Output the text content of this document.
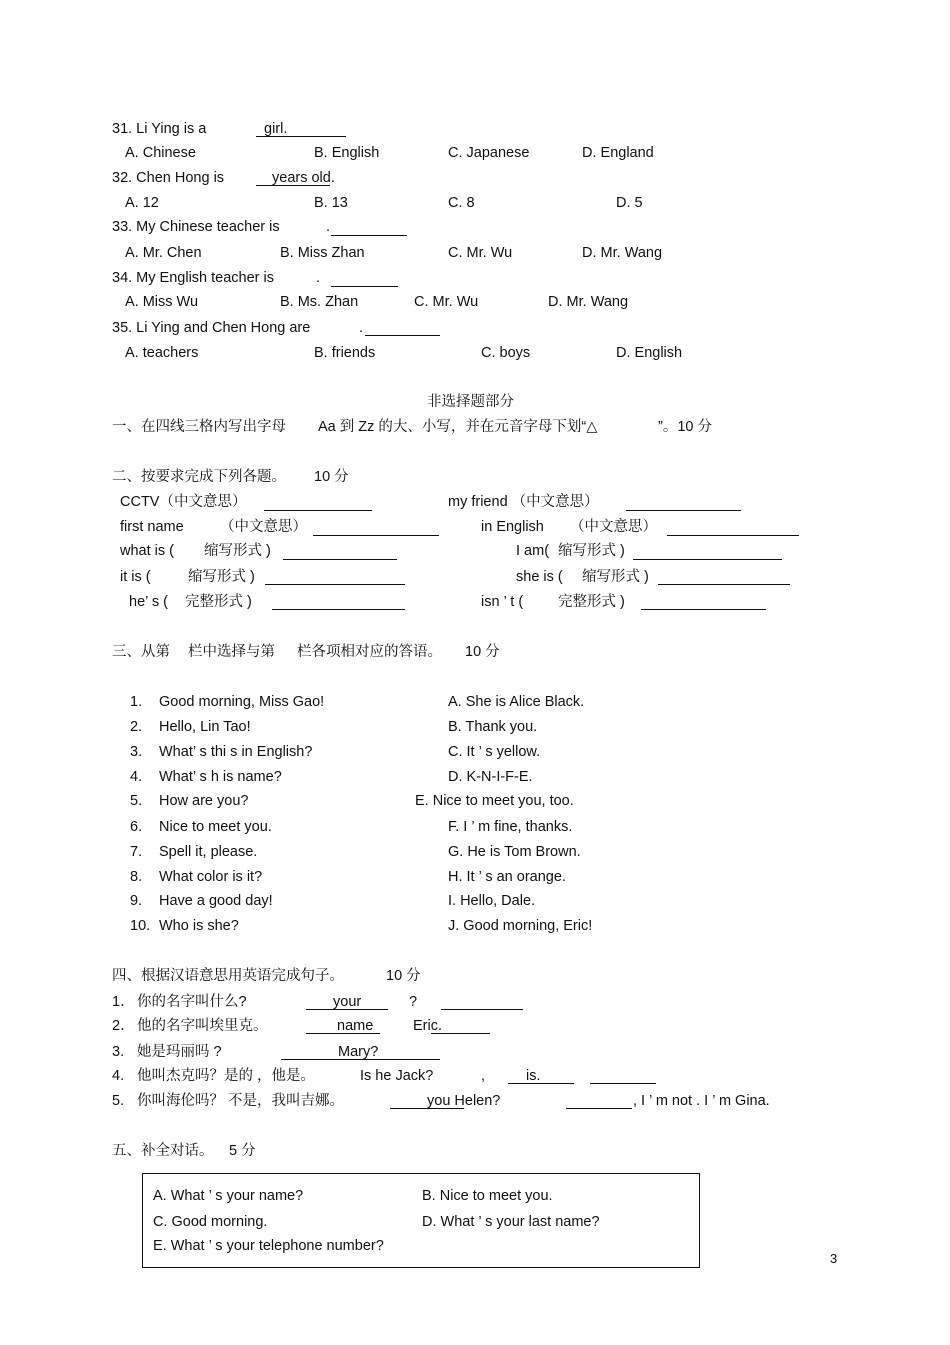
31. Li Ying is a	girl.
A. Chinese	B. English	C. Japanese	D. England
32. Chen Hong is	years old.
A. 12	B. 13	C. 8	D. 5
33. My Chinese teacher is	.
A. Mr. Chen	B. Miss Zhan	C. Mr. Wu	D. Mr. Wang
34. My English teacher is	.
A. Miss Wu	B. Ms. Zhan	C. Mr. Wu	D. Mr. Wang
35. Li Ying and Chen Hong are	.
A. teachers	B. friends	C. boys	D. English
非选择题部分
一、在四线三格内写出字母 Aa 到 Zz 的大、小写，并在元音字母下划“△	”。10 分
二、按要求完成下列各题。 10 分
CCTV（中文意思）	my friend （中文意思）
first name	（中文意思）	in English （中文意思）
what is ( 缩写形式 )	I am( 缩写形式 )
it is (	缩写形式 )	she is ( 缩写形式 )
he’ s ( 完整形式 )	isn ’ t ( 完整形式 )
三、从第 栏中选择与第 栏各项相对应的答语。 10 分
1. Good morning, Miss Gao!	A. She is Alice Black.
2. Hello, Lin Tao!	B. Thank you.
3. What’ s thi s in English?	C. It ’ s yellow.
4. What’ s h is name?	D. K-N-I-F-E.
5. How are you?	E. Nice to meet you, too.
6. Nice to meet you.	F. I ’ m fine, thanks.
7. Spell it, please.	G. He is Tom Brown.
8. What color is it?	H. It ’ s an orange.
9. Have a good day!	I. Hello, Dale.
10. Who is she?	J. Good morning, Eric!
四、根据汉语意思用英语完成句子。	10 分
1． 你的名字叫什么?	your	?
2． 他的名字叫埃里克。	name	Eric.
3. 她是玛丽吗 ?	Mary?
4. 他叫杰克吗？是的 ，他是。	Is he Jack?	,	is.
5. 你叫海伦吗？ 不是，我叫吉娜。	you Helen?	, I ’ m not . I ’ m Gina.
五、补全对话。 5 分
A. What ’ s your name?	B. Nice to meet you.
C. Good morning.	D. What ’ s your last name?
E. What ’ s your telephone number?
3
